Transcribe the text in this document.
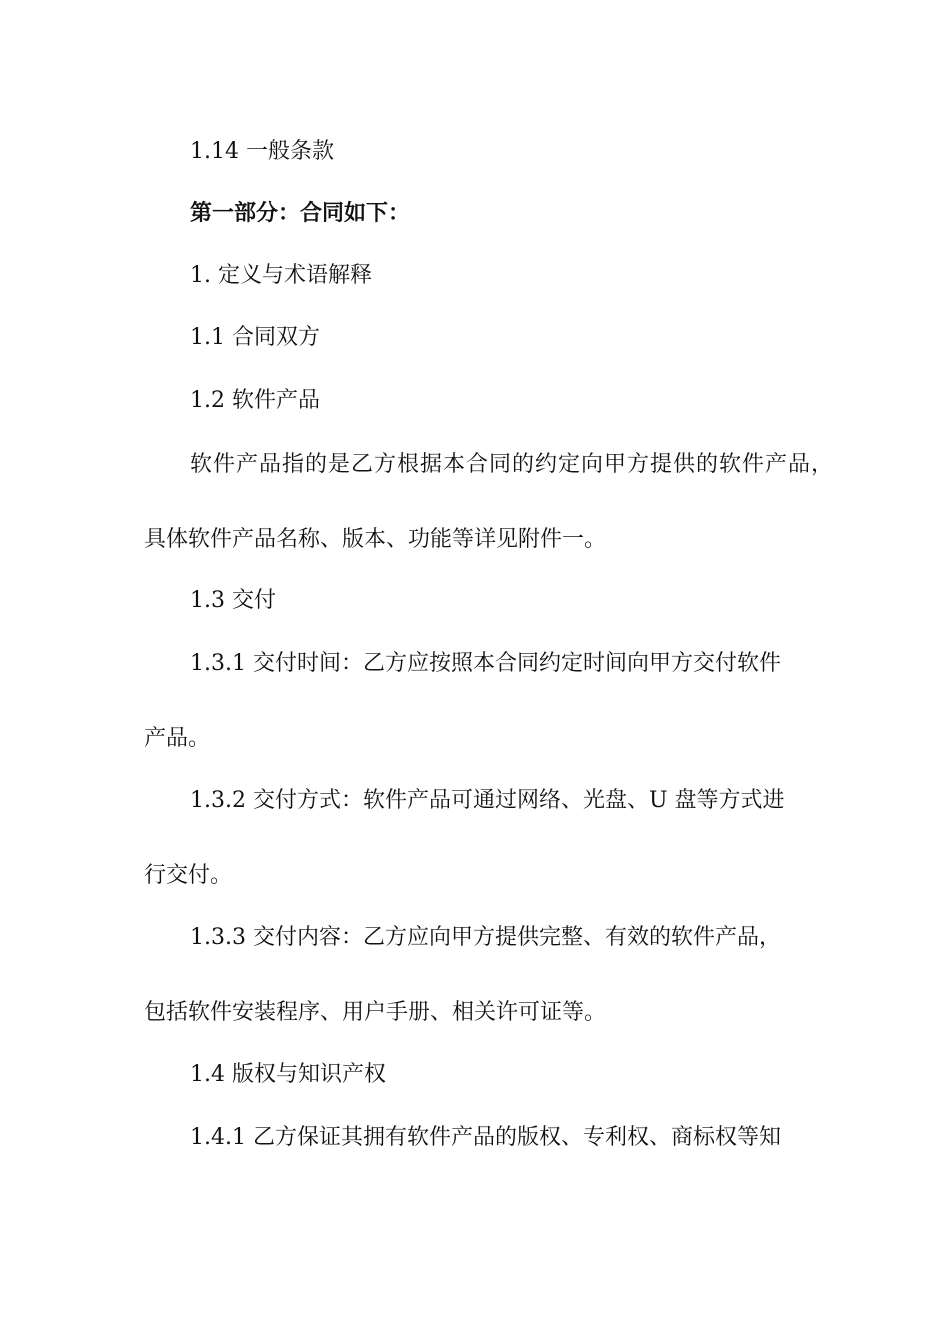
1.14 一般条款
第一部分：合同如下：
1. 定义与术语解释
1.1 合同双方
1.2 软件产品
软件产品指的是乙方根据本合同的约定向甲方提供的软件产品，
具体软件产品名称、版本、功能等详见附件一。
1.3 交付
1.3.1 交付时间：乙方应按照本合同约定时间向甲方交付软件
产品。
1.3.2 交付方式：软件产品可通过网络、光盘、U 盘等方式进
行交付。
1.3.3 交付内容：乙方应向甲方提供完整、有效的软件产品，
包括软件安装程序、用户手册、相关许可证等。
1.4 版权与知识产权
1.4.1 乙方保证其拥有软件产品的版权、专利权、商标权等知
